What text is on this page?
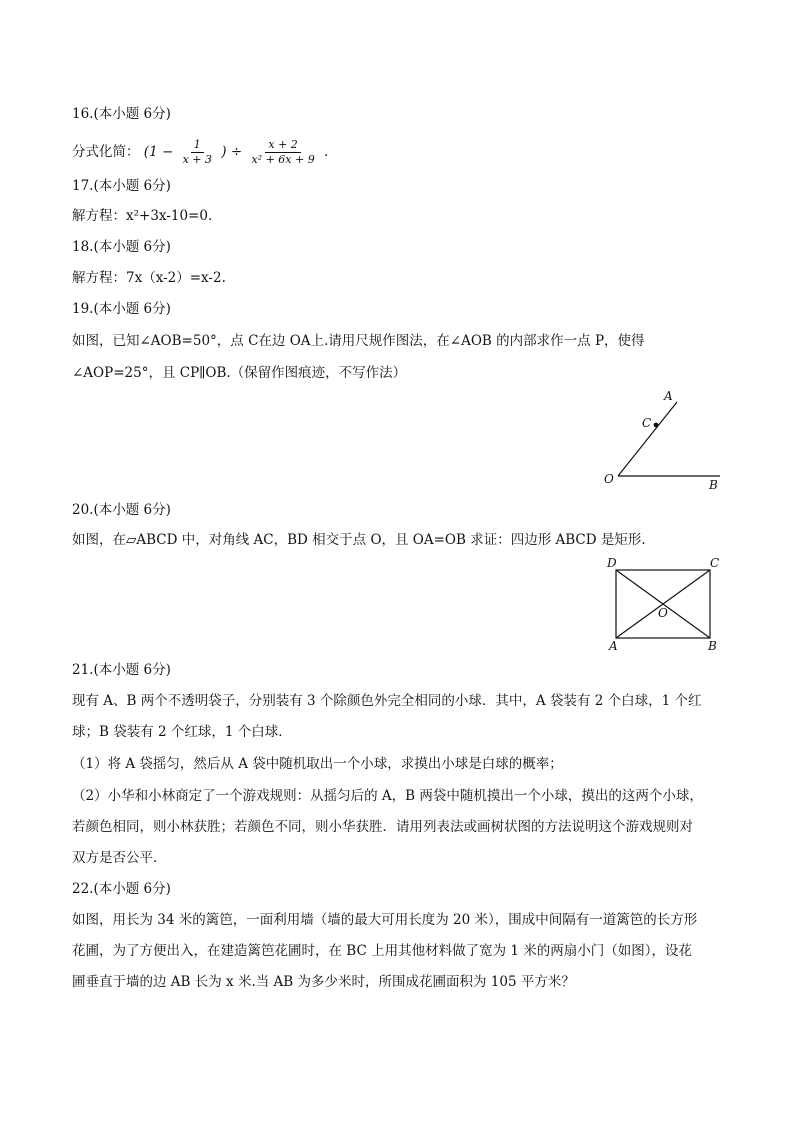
16.(本小题 6分)
分式化简： ($1 - \frac{1}{x + 3}$ ) ÷ $\frac{x + 2}{\text{x² + 6x + 9}}$ .
17.(本小题 6分)
解方程：x²+3x-10=0.
18.(本小题 6分)
解方程：7x（x-2）=x-2.
19.(本小题 6分)
如图，已知∠AOB=50°，点 C在边 OA上.请用尺规作图法，在∠AOB 的内部求作一点 P，使得
∠AOP=25°，且 CP∥OB.（保留作图痕迹，不写作法）
A
C
O	B
20.(本小题 6分)
如图，在▱ABCD 中，对角线 AC，BD 相交于点 O，且 OA=OB 求证：四边形 ABCD 是矩形.
D	C
O
A	B
21.(本小题 6分)
现有 A、B 两个不透明袋子，分别装有 3 个除颜色外完全相同的小球．其中，A 袋装有 2 个白球，1 个红
球；B 袋装有 2 个红球，1 个白球．
（1）将 A 袋摇匀，然后从 A 袋中随机取出一个小球，求摸出小球是白球的概率；
（2）小华和小林商定了一个游戏规则：从摇匀后的 A，B 两袋中随机摸出一个小球，摸出的这两个小球，
若颜色相同，则小林获胜；若颜色不同，则小华获胜．请用列表法或画树状图的方法说明这个游戏规则对
双方是否公平．
22.(本小题 6分)
如图，用长为 34 米的篱笆，一面利用墙（墙的最大可用长度为 20 米），围成中间隔有一道篱笆的长方形
花圃，为了方便出入，在建造篱笆花圃时，在 BC 上用其他材料做了宽为 1 米的两扇小门（如图），设花
圃垂直于墙的边 AB 长为 x 米.当 AB 为多少米时，所围成花圃面积为 105 平方米？
